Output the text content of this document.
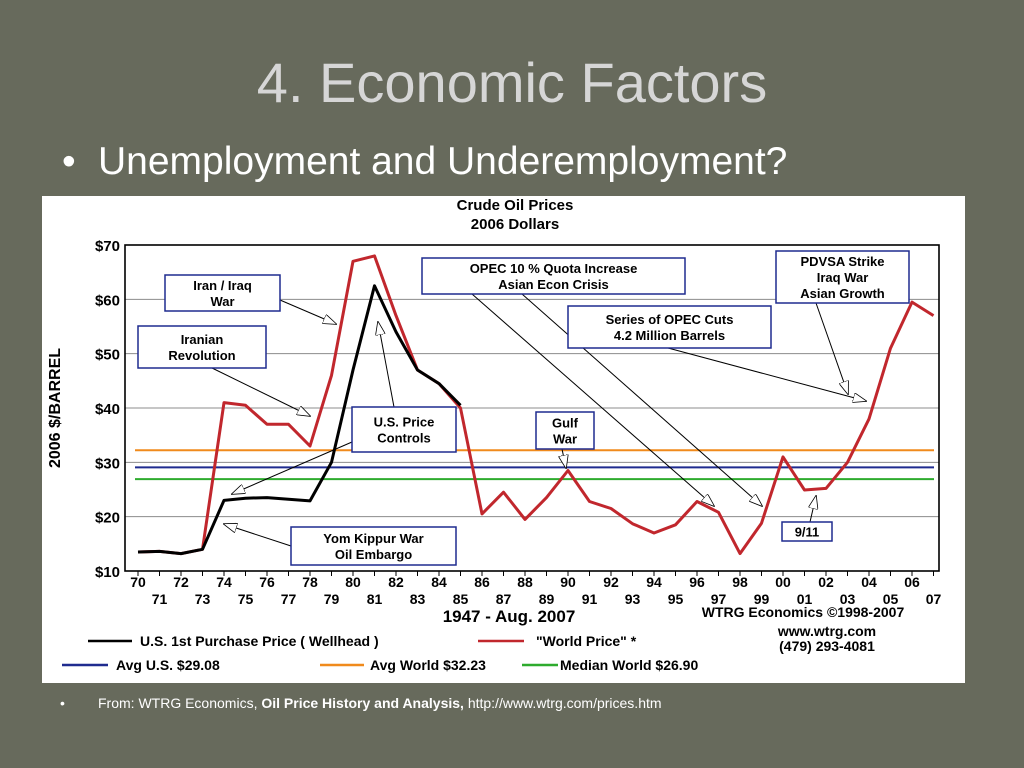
4. Economic Factors
• Unemployment and Underemployment?
Crude Oil Prices
2006 Dollars
2006 $/BARREL
1947 - Aug. 2007
$10
$20
$30
$40
$50
$60
$70
70 72 74 76 78 80 82 84 86 88 90 92 94 96 98 00 02 04 06
71 73 75 77 79 81 83 85 87 89 91 93 95 97 99 01 03 05 07
Iran / Iraq
War
Iranian
Revolution
U.S. Price
Controls
Yom Kippur War
Oil Embargo
OPEC 10 % Quota Increase
Asian Econ Crisis
Series of OPEC Cuts
4.2 Million Barrels
Gulf
War
PDVSA Strike
Iraq War
Asian Growth
9/11
WTRG Economics ©1998-2007
www.wtrg.com
(479) 293-4081
U.S. 1st Purchase Price ( Wellhead )	"World Price" *
Avg U.S. $29.08	Avg World $32.23	Median World $26.90
• From: WTRG Economics, Oil Price History and Analysis, http://www.wtrg.com/prices.htm
